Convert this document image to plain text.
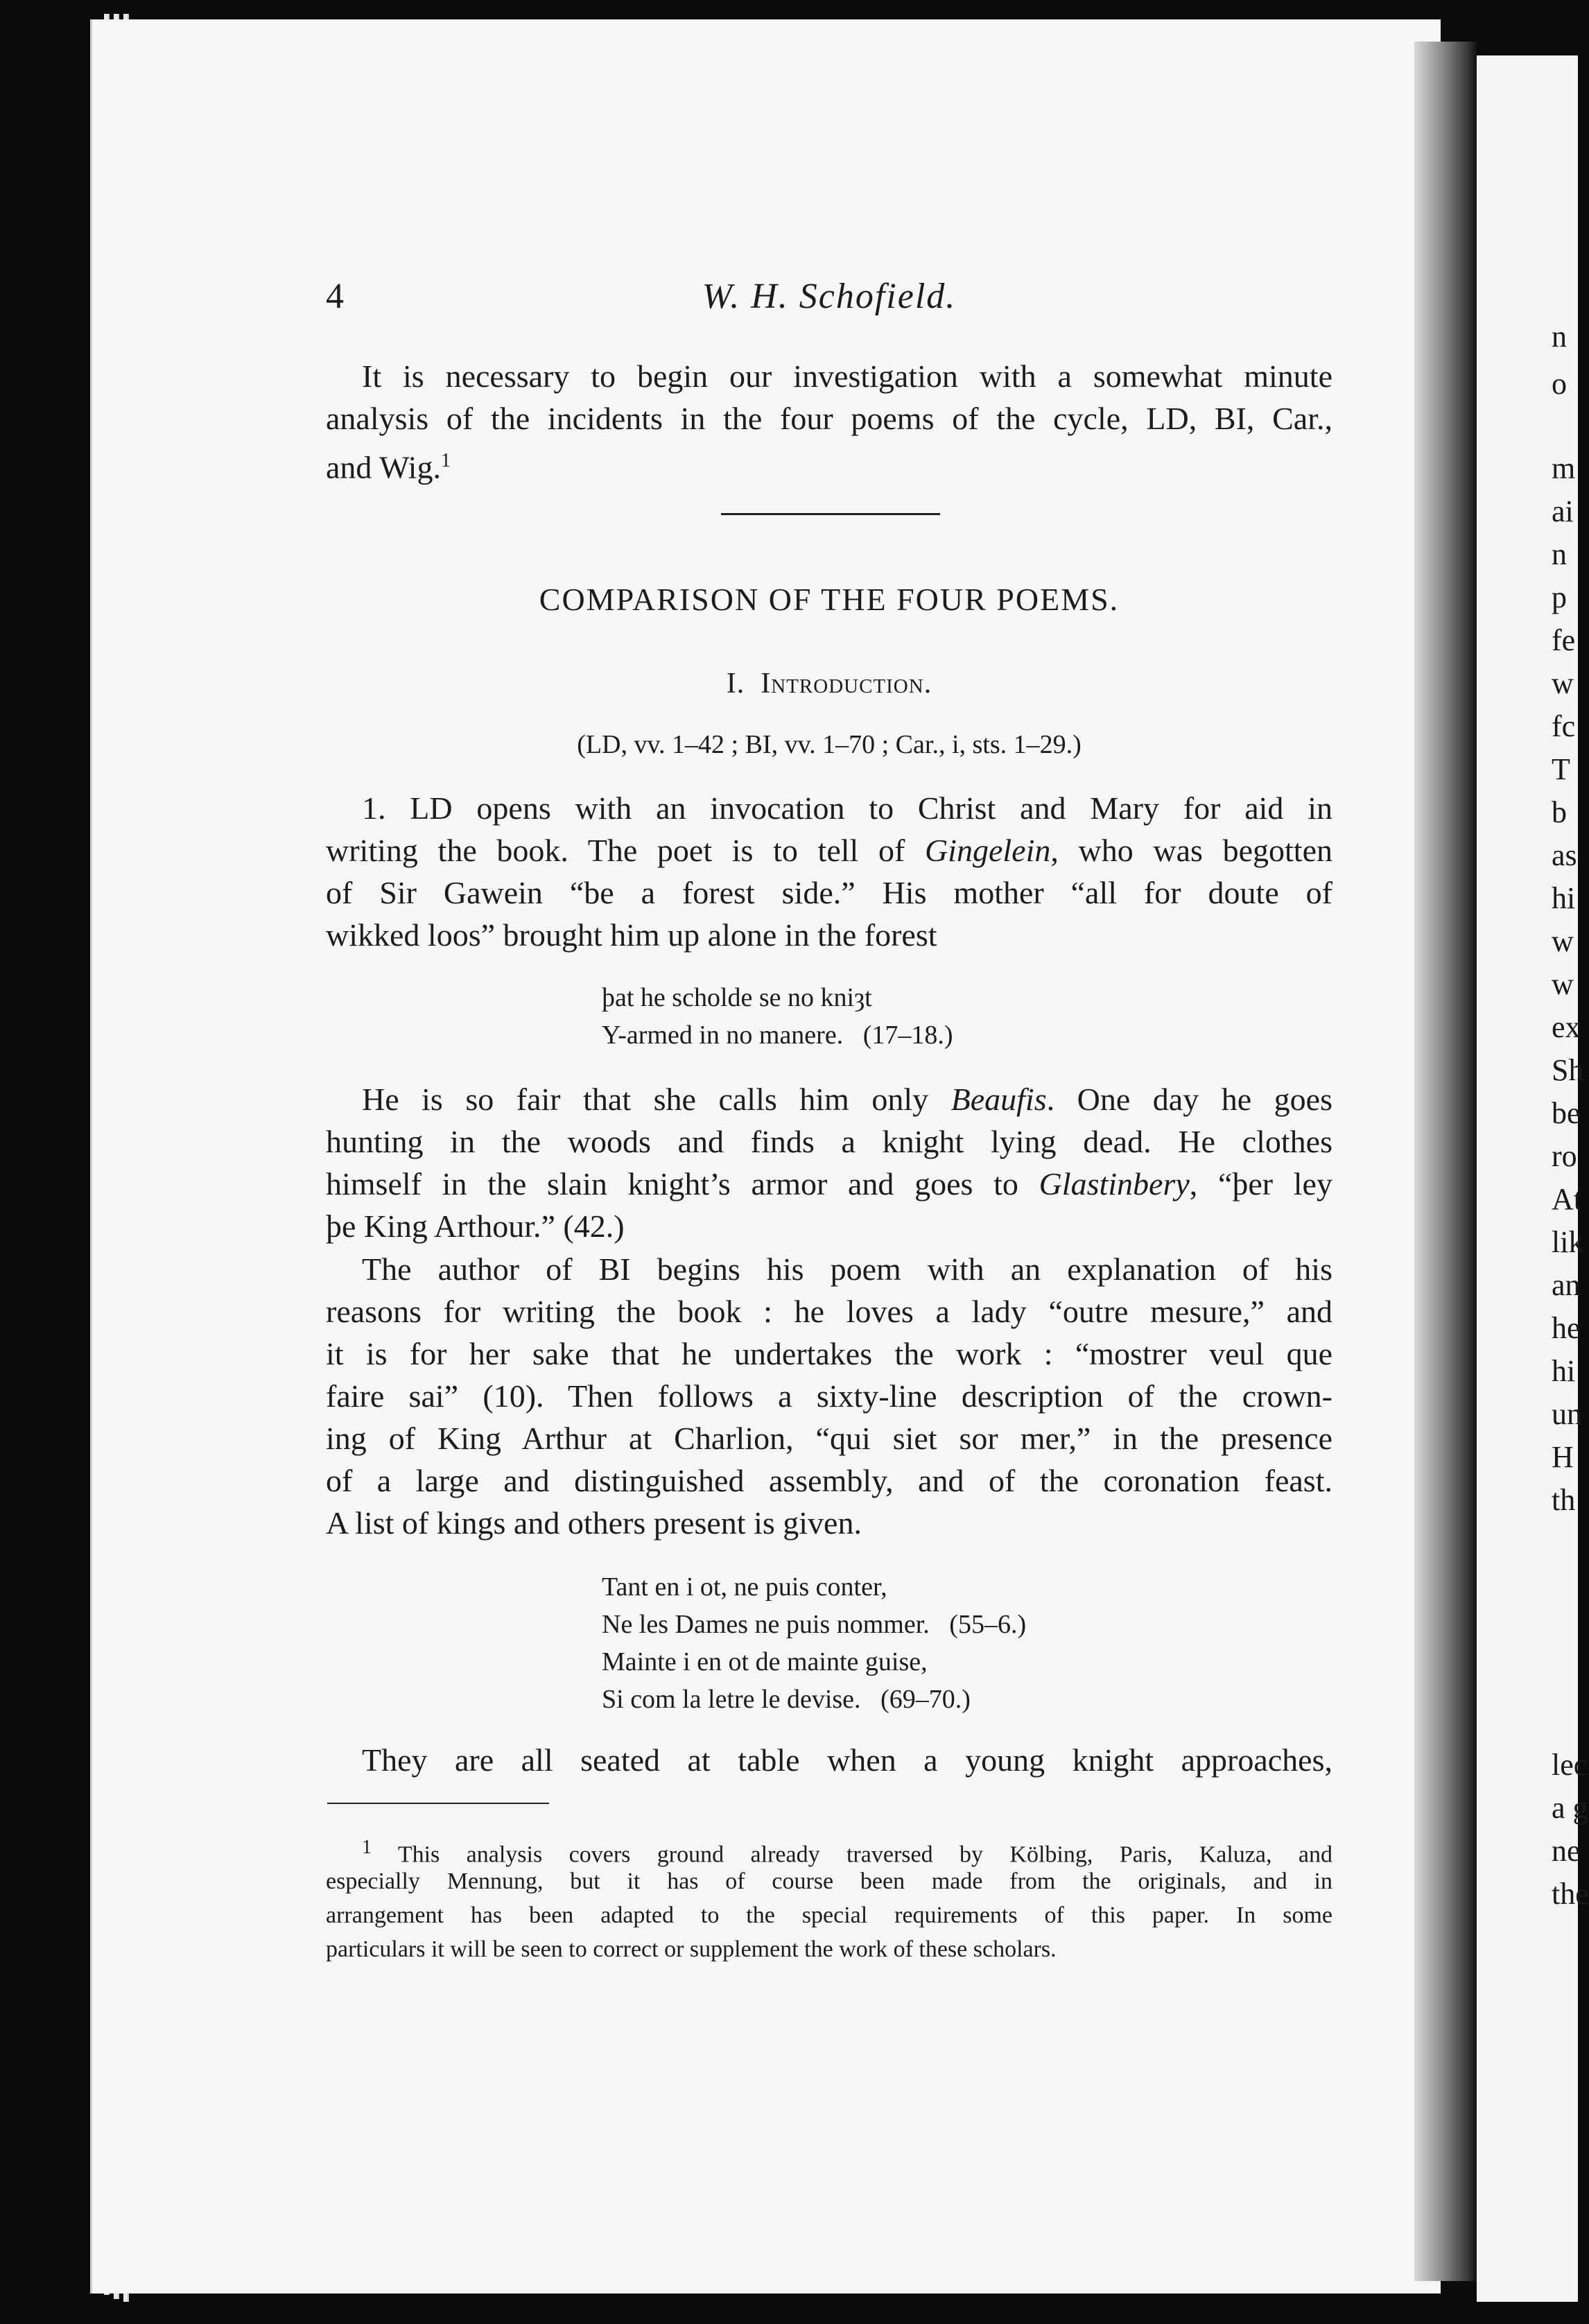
n
o
m
ai
n
p
fe
w
fc
T
b
as
hi
w
w
ex
Sh
be
ro
At
lik
an
he
hi
un
H
th
lec
a g
ne
the
4	W. H. Schofield.
It is necessary to begin our investigation with a somewhat minute
analysis of the incidents in the four poems of the cycle, LD, BI, Car.,
and Wig.$^1$
COMPARISON OF THE FOUR POEMS.
I. Introduction.
(LD, vv. 1–42 ; BI, vv. 1–70 ; Car., i, sts. 1–29.)
1. LD opens with an invocation to Christ and Mary for aid in
writing the book. The poet is to tell of Gingelein, who was begotten
of Sir Gawein “be a forest side.” His mother “all for doute of
wikked loos” brought him up alone in the forest
þat he scholde se no kniȝt
Y-armed in no manere.   (17–18.)
He is so fair that she calls him only Beaufis. One day he goes
hunting in the woods and finds a knight lying dead. He clothes
himself in the slain knight’s armor and goes to Glastinbery, “þer ley
þe King Arthour.” (42.)
The author of BI begins his poem with an explanation of his
reasons for writing the book : he loves a lady “outre mesure,” and
it is for her sake that he undertakes the work : “mostrer veul que
faire sai” (10). Then follows a sixty-line description of the crown-
ing of King Arthur at Charlion, “qui siet sor mer,” in the presence
of a large and distinguished assembly, and of the coronation feast.
A list of kings and others present is given.
Tant en i ot, ne puis conter,
Ne les Dames ne puis nommer.   (55–6.)
Mainte i en ot de mainte guise,
Si com la letre le devise.   (69–70.)
They are all seated at table when a young knight approaches,
$^1$ This analysis covers ground already traversed by Kölbing, Paris, Kaluza, and
especially Mennung, but it has of course been made from the originals, and in
arrangement has been adapted to the special requirements of this paper. In some
particulars it will be seen to correct or supplement the work of these scholars.
